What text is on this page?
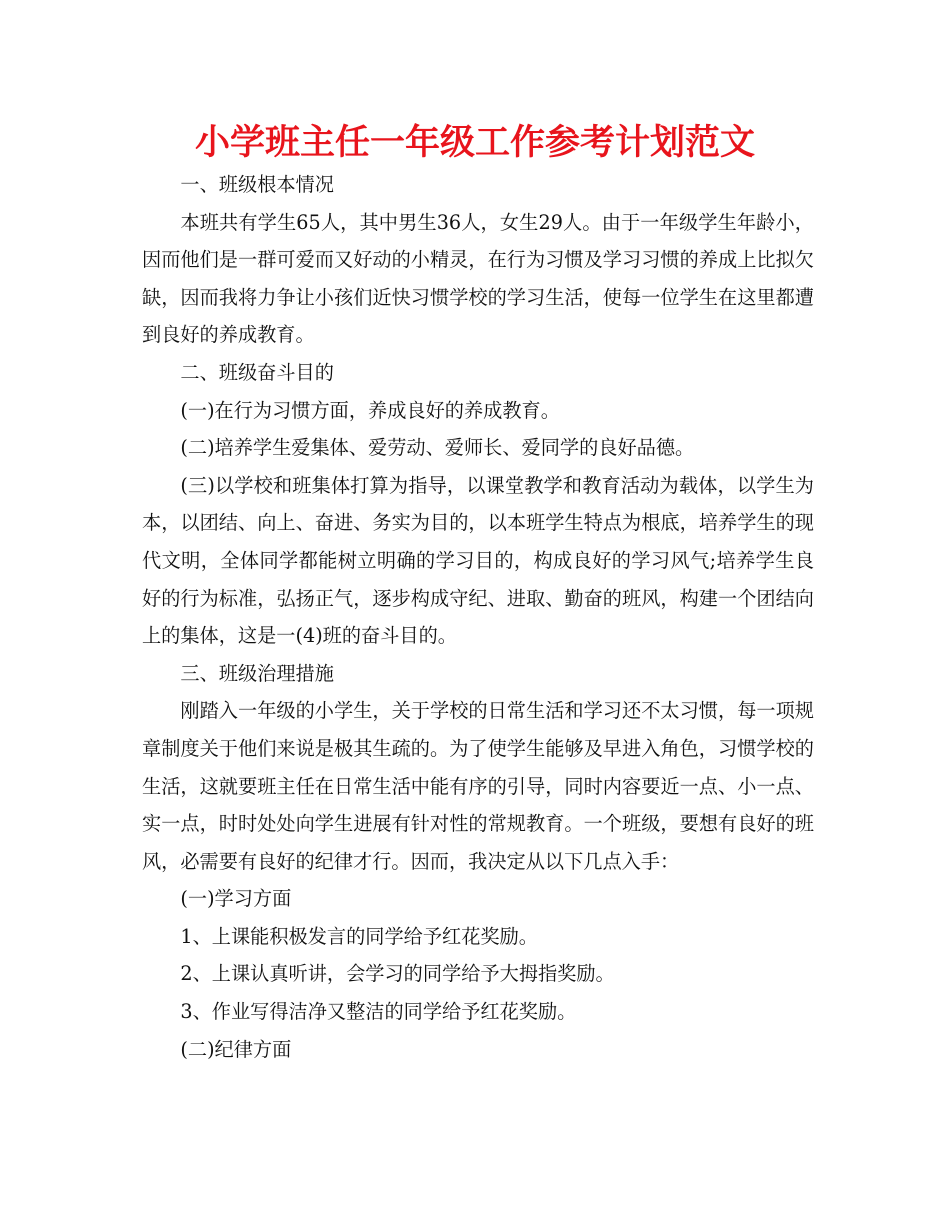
小学班主任一年级工作参考计划范文

一、班级根本情况

本班共有学生65人，其中男生36人，女生29人。由于一年级学生年龄小，因而他们是一群可爱而又好动的小精灵，在行为习惯及学习习惯的养成上比拟欠缺，因而我将力争让小孩们近快习惯学校的学习生活，使每一位学生在这里都遭到良好的养成教育。

二、班级奋斗目的

(一)在行为习惯方面，养成良好的养成教育。

(二)培养学生爱集体、爱劳动、爱师长、爱同学的良好品德。

(三)以学校和班集体打算为指导，以课堂教学和教育活动为载体，以学生为本，以团结、向上、奋进、务实为目的，以本班学生特点为根底，培养学生的现代文明，全体同学都能树立明确的学习目的，构成良好的学习风气;培养学生良好的行为标准，弘扬正气，逐步构成守纪、进取、勤奋的班风，构建一个团结向上的集体，这是一(4)班的奋斗目的。

三、班级治理措施

刚踏入一年级的小学生，关于学校的日常生活和学习还不太习惯，每一项规章制度关于他们来说是极其生疏的。为了使学生能够及早进入角色，习惯学校的生活，这就要班主任在日常生活中能有序的引导，同时内容要近一点、小一点、实一点，时时处处向学生进展有针对性的常规教育。一个班级，要想有良好的班风，必需要有良好的纪律才行。因而，我决定从以下几点入手：

(一)学习方面

1、上课能积极发言的同学给予红花奖励。

2、上课认真听讲，会学习的同学给予大拇指奖励。

3、作业写得洁净又整洁的同学给予红花奖励。

(二)纪律方面
